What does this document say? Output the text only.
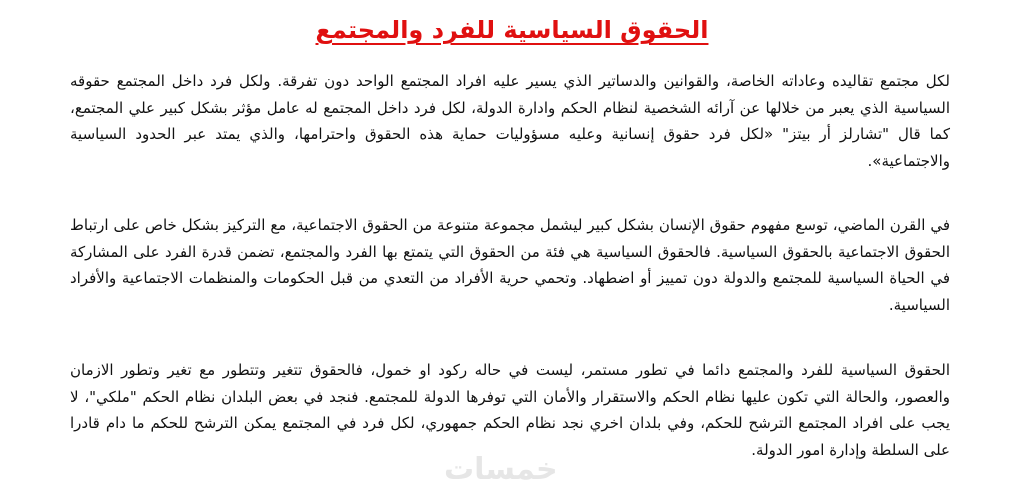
الحقوق السياسية للفرد والمجتمع

لكل مجتمع تقاليده وعاداته الخاصة، والقوانين والدساتير الذي يسير عليه افراد المجتمع الواحد دون تفرقة. ولكل فرد داخل المجتمع حقوقه السياسية الذي يعبر من خلالها عن آرائه الشخصية لنظام الحكم وادارة الدولة، لكل فرد داخل المجتمع له عامل مؤثر بشكل كبير علي المجتمع، كما قال "تشارلز أر بيتز" «لكل فرد حقوق إنسانية وعليه مسؤوليات حماية هذه الحقوق واحترامها، والذي يمتد عبر الحدود السياسية والاجتماعية».

في القرن الماضي، توسع مفهوم حقوق الإنسان بشكل كبير ليشمل مجموعة متنوعة من الحقوق الاجتماعية، مع التركيز بشكل خاص على ارتباط الحقوق الاجتماعية بالحقوق السياسية. فالحقوق السياسية هي فئة من الحقوق التي يتمتع بها الفرد والمجتمع، تضمن قدرة الفرد على المشاركة في الحياة السياسية للمجتمع والدولة دون تمييز أو اضطهاد. وتحمي حرية الأفراد من التعدي من قبل الحكومات والمنظمات الاجتماعية والأفراد السياسية.

الحقوق السياسية للفرد والمجتمع دائما في تطور مستمر، ليست في حاله ركود او خمول، فالحقوق تتغير وتتطور مع تغير وتطور الازمان والعصور، والحالة التي تكون عليها نظام الحكم والاستقرار والأمان التي توفرها الدولة للمجتمع. فنجد في بعض البلدان نظام الحكم "ملكي"، لا يجب على افراد المجتمع الترشح للحكم، وفي بلدان اخري نجد نظام الحكم جمهوري، لكل فرد في المجتمع يمكن الترشح للحكم ما دام قادرا على السلطة وإدارة امور الدولة.

خمسات
